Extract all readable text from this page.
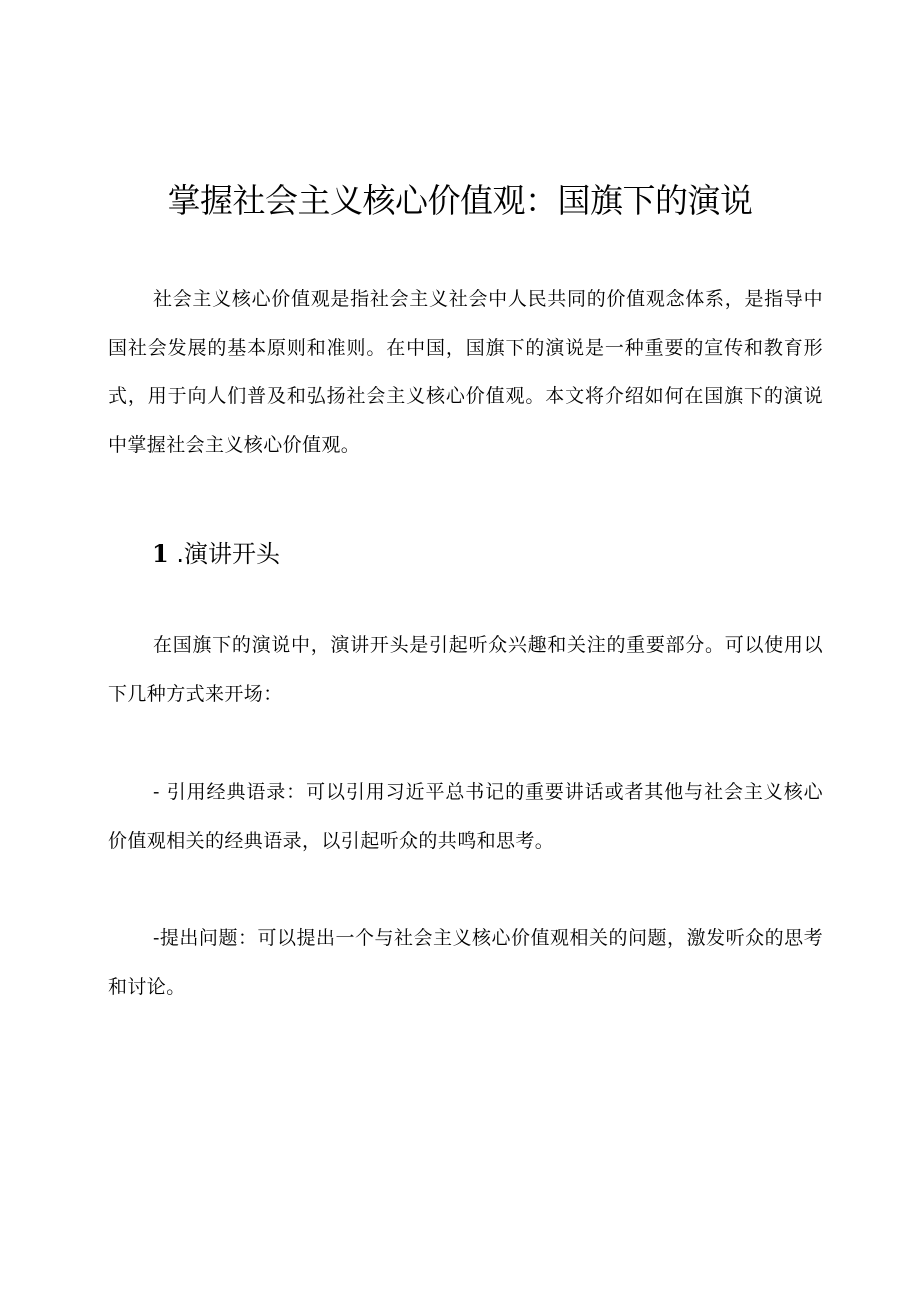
掌握社会主义核心价值观：国旗下的演说

社会主义核心价值观是指社会主义社会中人民共同的价值观念体系，是指导中国社会发展的基本原则和准则。在中国，国旗下的演说是一种重要的宣传和教育形式，用于向人们普及和弘扬社会主义核心价值观。本文将介绍如何在国旗下的演说中掌握社会主义核心价值观。

1 .演讲开头

在国旗下的演说中，演讲开头是引起听众兴趣和关注的重要部分。可以使用以下几种方式来开场：

- 引用经典语录：可以引用习近平总书记的重要讲话或者其他与社会主义核心价值观相关的经典语录，以引起听众的共鸣和思考。

-提出问题：可以提出一个与社会主义核心价值观相关的问题，激发听众的思考和讨论。
